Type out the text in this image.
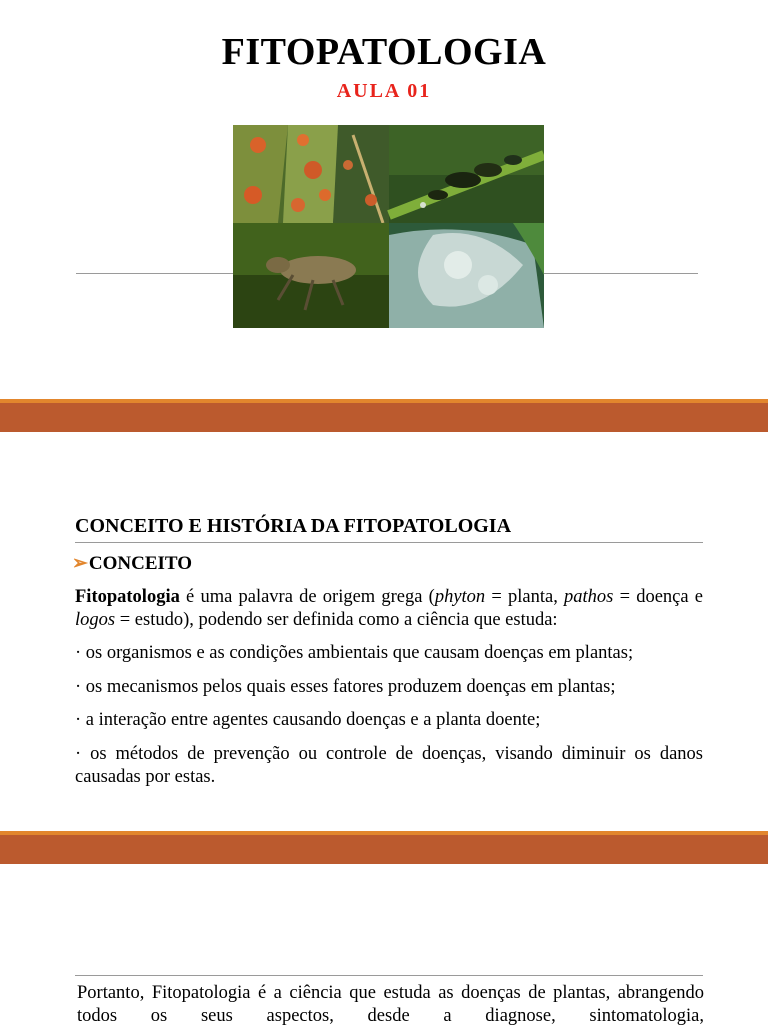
FITOPATOLOGIA
AULA 01
CONCEITO E HISTÓRIA DA FITOPATOLOGIA
➢CONCEITO
Fitopatologia é uma palavra de origem grega (phyton = planta, pathos = doença e logos = estudo), podendo ser definida como a ciência que estuda:
· os organismos e as condições ambientais que causam doenças em plantas;
· os mecanismos pelos quais esses fatores produzem doenças em plantas;
· a interação entre agentes causando doenças e a planta doente;
· os métodos de prevenção ou controle de doenças, visando diminuir os danos causadas por estas.
Portanto, Fitopatologia é a ciência que estuda as doenças de plantas, abrangendo todos os seus aspectos, desde a diagnose, sintomatologia,
